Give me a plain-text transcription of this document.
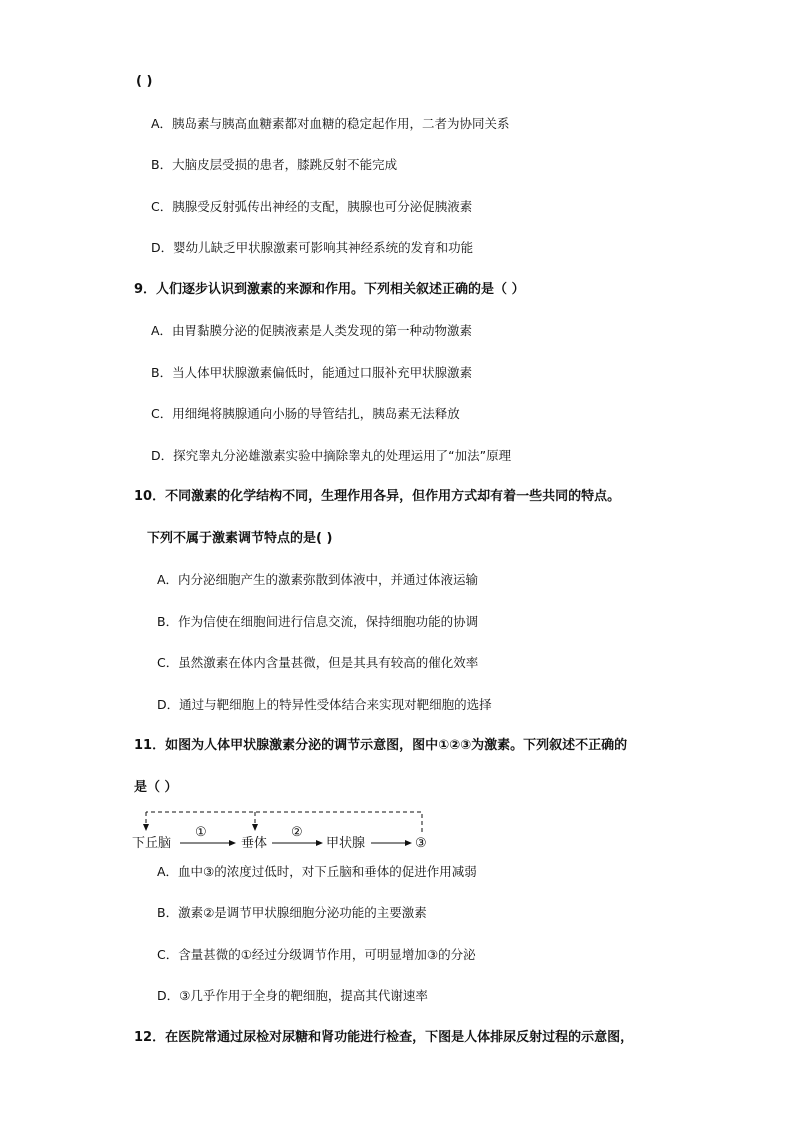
( )
A．胰岛素与胰高血糖素都对血糖的稳定起作用，二者为协同关系
B．大脑皮层受损的患者，膝跳反射不能完成
C．胰腺受反射弧传出神经的支配，胰腺也可分泌促胰液素
D．婴幼儿缺乏甲状腺激素可影响其神经系统的发育和功能
9．人们逐步认识到激素的来源和作用。下列相关叙述正确的是（ ）
A．由胃黏膜分泌的促胰液素是人类发现的第一种动物激素
B．当人体甲状腺激素偏低时，能通过口服补充甲状腺激素
C．用细绳将胰腺通向小肠的导管结扎，胰岛素无法释放
D．探究睾丸分泌雄激素实验中摘除睾丸的处理运用了“加法”原理
10．不同激素的化学结构不同，生理作用各异，但作用方式却有着一些共同的特点。
下列不属于激素调节特点的是( )
A．内分泌细胞产生的激素弥散到体液中，并通过体液运输
B．作为信使在细胞间进行信息交流，保持细胞功能的协调
C．虽然激素在体内含量甚微，但是其具有较高的催化效率
D．通过与靶细胞上的特异性受体结合来实现对靶细胞的选择
11．如图为人体甲状腺激素分泌的调节示意图，图中①②③为激素。下列叙述不正确的
是（ ）
下丘脑	垂体	甲状腺	③
①	②
A．血中③的浓度过低时，对下丘脑和垂体的促进作用减弱
B．激素②是调节甲状腺细胞分泌功能的主要激素
C．含量甚微的①经过分级调节作用，可明显增加③的分泌
D．③几乎作用于全身的靶细胞，提高其代谢速率
12．在医院常通过尿检对尿糖和肾功能进行检查，下图是人体排尿反射过程的示意图，
